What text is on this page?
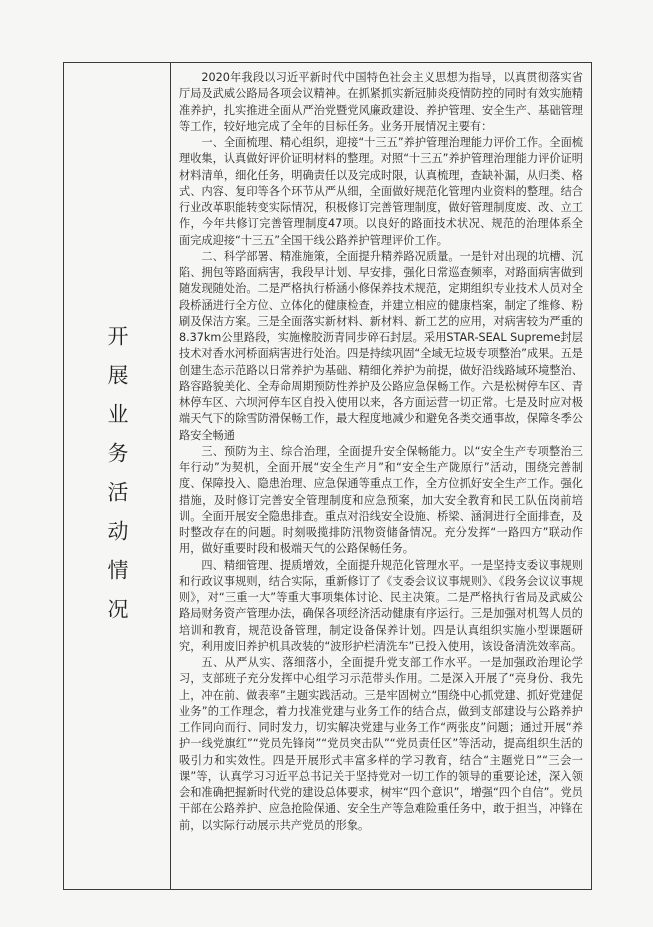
开展业务活动情况

2020年我段以习近平新时代中国特色社会主义思想为指导，以真贯彻落实省厅局及武威公路局各项会议精神。在抓紧抓实新冠肺炎疫情防控的同时有效实施精准养护，扎实推进全面从严治党暨党风廉政建设、养护管理、安全生产、基础管理等工作，较好地完成了全年的目标任务。业务开展情况主要有：

一、全面梳理、精心组织，迎接“十三五”养护管理治理能力评价工作。全面梳理收集，认真做好评价证明材料的整理。对照“十三五”养护管理治理能力评价证明材料清单，细化任务，明确责任以及完成时限，认真梳理，查缺补漏，从归类、格式、内容、复印等各个环节从严从细，全面做好规范化管理内业资料的整理。结合行业改革职能转变实际情况，积极修订完善管理制度，做好管理制度废、改、立工作，今年共修订完善管理制度47项。以良好的路面技术状况、规范的治理体系全面完成迎接“十三五”全国干线公路养护管理评价工作。

二、科学部署、精准施策，全面提升精养路况质量。一是针对出现的坑槽、沉陷、拥包等路面病害，我段早计划、早安排，强化日常巡查频率，对路面病害做到随发现随处治。二是严格执行桥涵小修保养技术规范，定期组织专业技术人员对全段桥涵进行全方位、立体化的健康检查，并建立相应的健康档案，制定了维修、粉刷及保洁方案。三是全面落实新材料、新材料、新工艺的应用，对病害较为严重的8.37km公里路段，实施橡胶沥青同步碎石封层。采用STAR-SEAL Supreme封层技术对香水河桥面病害进行处治。四是持续巩固“全域无垃圾专项整治”成果。五是创建生态示范路以日常养护为基础、精细化养护为前提，做好沿线路域环境整治、路容路貌美化、全寿命周期预防性养护及公路应急保畅工作。六是松树停车区、青林停车区、六坝河停车区自投入使用以来，各方面运营一切正常。七是及时应对极端天气下的除雪防滑保畅工作，最大程度地减少和避免各类交通事故，保障冬季公路安全畅通

三、预防为主、综合治理，全面提升安全保畅能力。以“安全生产专项整治三年行动”为契机，全面开展“安全生产月”和“安全生产陇原行”活动，围绕完善制度、保障投入、隐患治理、应急保通等重点工作，全方位抓好安全生产工作。强化措施，及时修订完善安全管理制度和应急预案，加大安全教育和民工队伍岗前培训。全面开展安全隐患排查。重点对沿线安全设施、桥梁、涵洞进行全面排查，及时整改存在的问题。时刻吸揽排防汛物资储备情况。充分发挥“一路四方”联动作用，做好重要时段和极端天气的公路保畅任务。

四、精细管理、提质增效，全面提升规范化管理水平。一是坚持支委议事规则和行政议事规则，结合实际，重新修订了《支委会议议事规则》、《段务会议议事规则》，对“三重一大”等重大事项集体讨论、民主决策。二是严格执行省局及武威公路局财务资产管理办法，确保各项经济活动健康有序运行。三是加强对机驾人员的培训和教育，规范设备管理，制定设备保养计划。四是认真组织实施小型课题研究，利用废旧养护机具改装的“波形护栏清洗车”已投入使用，该设备清洗效率高。

五、从严从实、落细落小，全面提升党支部工作水平。一是加强政治理论学习，支部班子充分发挥中心组学习示范带头作用。二是深入开展了“亮身份、我先上，冲在前、做表率”主题实践活动。三是牢固树立“围绕中心抓党建、抓好党建促业务”的工作理念，着力找准党建与业务工作的结合点，做到支部建设与公路养护工作同向而行、同时发力，切实解决党建与业务工作“两张皮”问题；通过开展“养护一线党旗红”“党员先锋岗”“党员突击队”“党员责任区”等活动，提高组织生活的吸引力和实效性。四是开展形式丰富多样的学习教育，结合“主题党日”“三会一课”等，认真学习习近平总书记关于坚持党对一切工作的领导的重要论述，深入领会和准确把握新时代党的建设总体要求，树牢“四个意识”，增强“四个自信”。党员干部在公路养护、应急抢险保通、安全生产等急难险重任务中，敢于担当，冲锋在前，以实际行动展示共产党员的形象。
